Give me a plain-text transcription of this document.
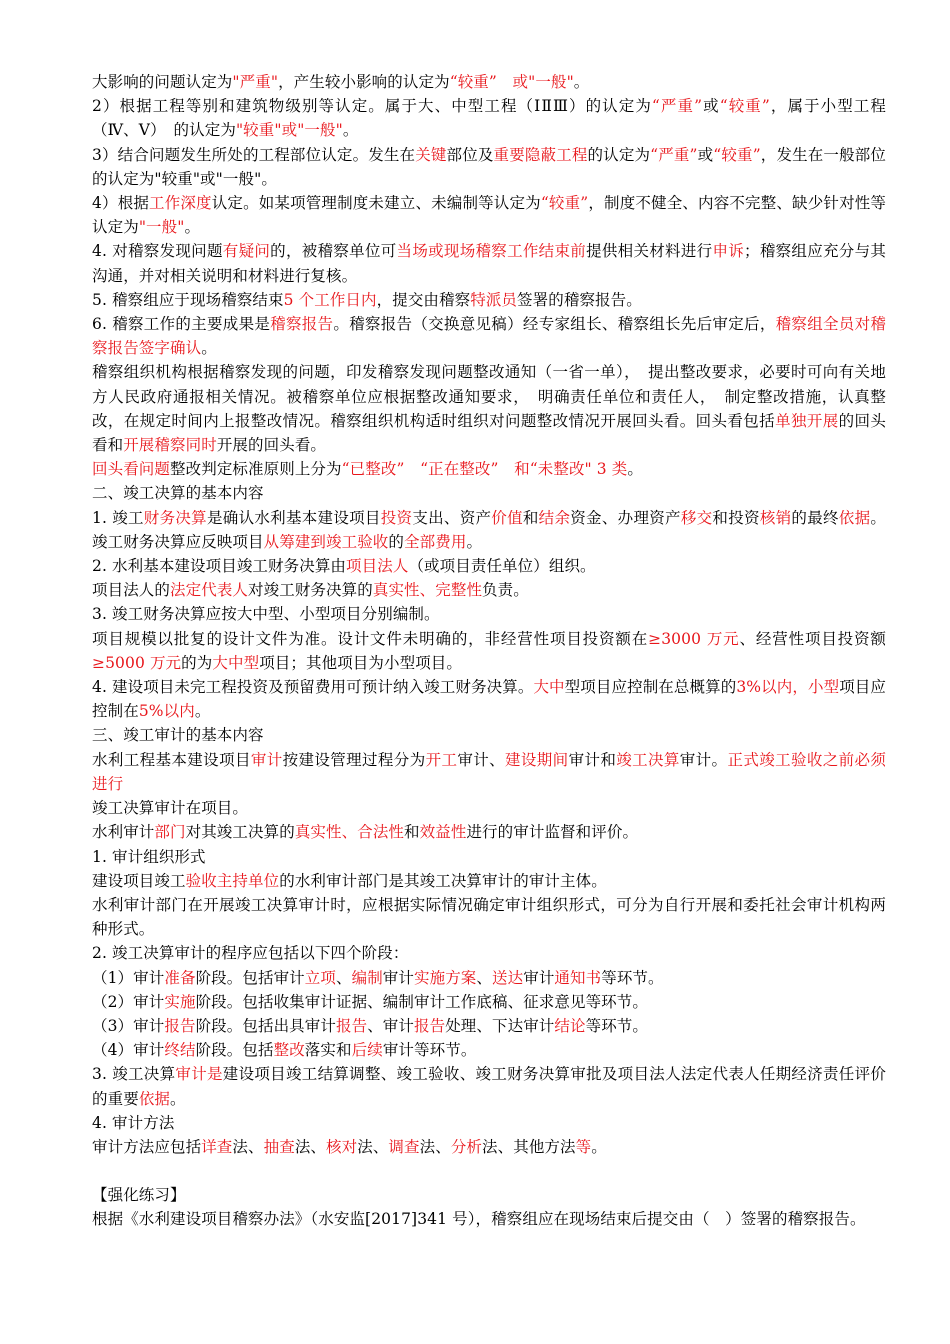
大影响的问题认定为"严重"，产生较小影响的认定为“较重”　或"一般"。

2）根据工程等别和建筑物级别等认定。属于大、中型工程（ⅠⅡⅢ）的认定为“严重”或“较重”，属于小型工程　（Ⅳ、Ⅴ）　的认定为"较重"或"一般"。

3）结合问题发生所处的工程部位认定。发生在关键部位及重要隐蔽工程的认定为“严重”或“较重”，发生在一般部位的认定为"较重"或"一般"。

4）根据工作深度认定。如某项管理制度未建立、未编制等认定为“较重”，制度不健全、内容不完整、缺少针对性等认定为"一般"。

4. 对稽察发现问题有疑问的，被稽察单位可当场或现场稽察工作结束前提供相关材料进行申诉；稽察组应充分与其沟通，并对相关说明和材料进行复核。

5. 稽察组应于现场稽察结束5 个工作日内，提交由稽察特派员签署的稽察报告。

6. 稽察工作的主要成果是稽察报告。稽察报告（交换意见稿）经专家组长、稽察组长先后审定后，稽察组全员对稽察报告签字确认。

稽察组织机构根据稽察发现的问题，印发稽察发现问题整改通知（一省一单），　提出整改要求，必要时可向有关地方人民政府通报相关情况。被稽察单位应根据整改通知要求，　明确责任单位和责任人，　制定整改措施，认真整改，在规定时间内上报整改情况。稽察组织机构适时组织对问题整改情况开展回头看。回头看包括单独开展的回头看和开展稽察同时开展的回头看。

回头看问题整改判定标准原则上分为“已整改”　“正在整改”　和“未整改" 3 类。

二、竣工决算的基本内容

1. 竣工财务决算是确认水利基本建设项目投资支出、资产价值和结余资金、办理资产移交和投资核销的最终依据。竣工财务决算应反映项目从筹建到竣工验收的全部费用。

2. 水利基本建设项目竣工财务决算由项目法人（或项目责任单位）组织。

项目法人的法定代表人对竣工财务决算的真实性、完整性负责。

3. 竣工财务决算应按大中型、小型项目分别编制。

项目规模以批复的设计文件为准。设计文件未明确的，非经营性项目投资额在≥3000 万元、经营性项目投资额≥5000 万元的为大中型项目；其他项目为小型项目。

4. 建设项目未完工程投资及预留费用可预计纳入竣工财务决算。大中型项目应控制在总概算的3%以内，小型项目应控制在5%以内。

三、竣工审计的基本内容

水利工程基本建设项目审计按建设管理过程分为开工审计、建设期间审计和竣工决算审计。正式竣工验收之前必须进行

竣工决算审计在项目。

水利审计部门对其竣工决算的真实性、合法性和效益性进行的审计监督和评价。

1. 审计组织形式

建设项目竣工验收主持单位的水利审计部门是其竣工决算审计的审计主体。

水利审计部门在开展竣工决算审计时，应根据实际情况确定审计组织形式，可分为自行开展和委托社会审计机构两种形式。

2. 竣工决算审计的程序应包括以下四个阶段：

（1）审计准备阶段。包括审计立项、编制审计实施方案、送达审计通知书等环节。

（2）审计实施阶段。包括收集审计证据、编制审计工作底稿、征求意见等环节。

（3）审计报告阶段。包括出具审计报告、审计报告处理、下达审计结论等环节。

（4）审计终结阶段。包括整改落实和后续审计等环节。

3. 竣工决算审计是建设项目竣工结算调整、竣工验收、竣工财务决算审批及项目法人法定代表人任期经济责任评价的重要依据。

4. 审计方法

审计方法应包括详查法、抽查法、核对法、调查法、分析法、其他方法等。

【强化练习】

根据《水利建设项目稽察办法》（水安监[2017]341 号），稽察组应在现场结束后提交由（　）签署的稽察报告。
